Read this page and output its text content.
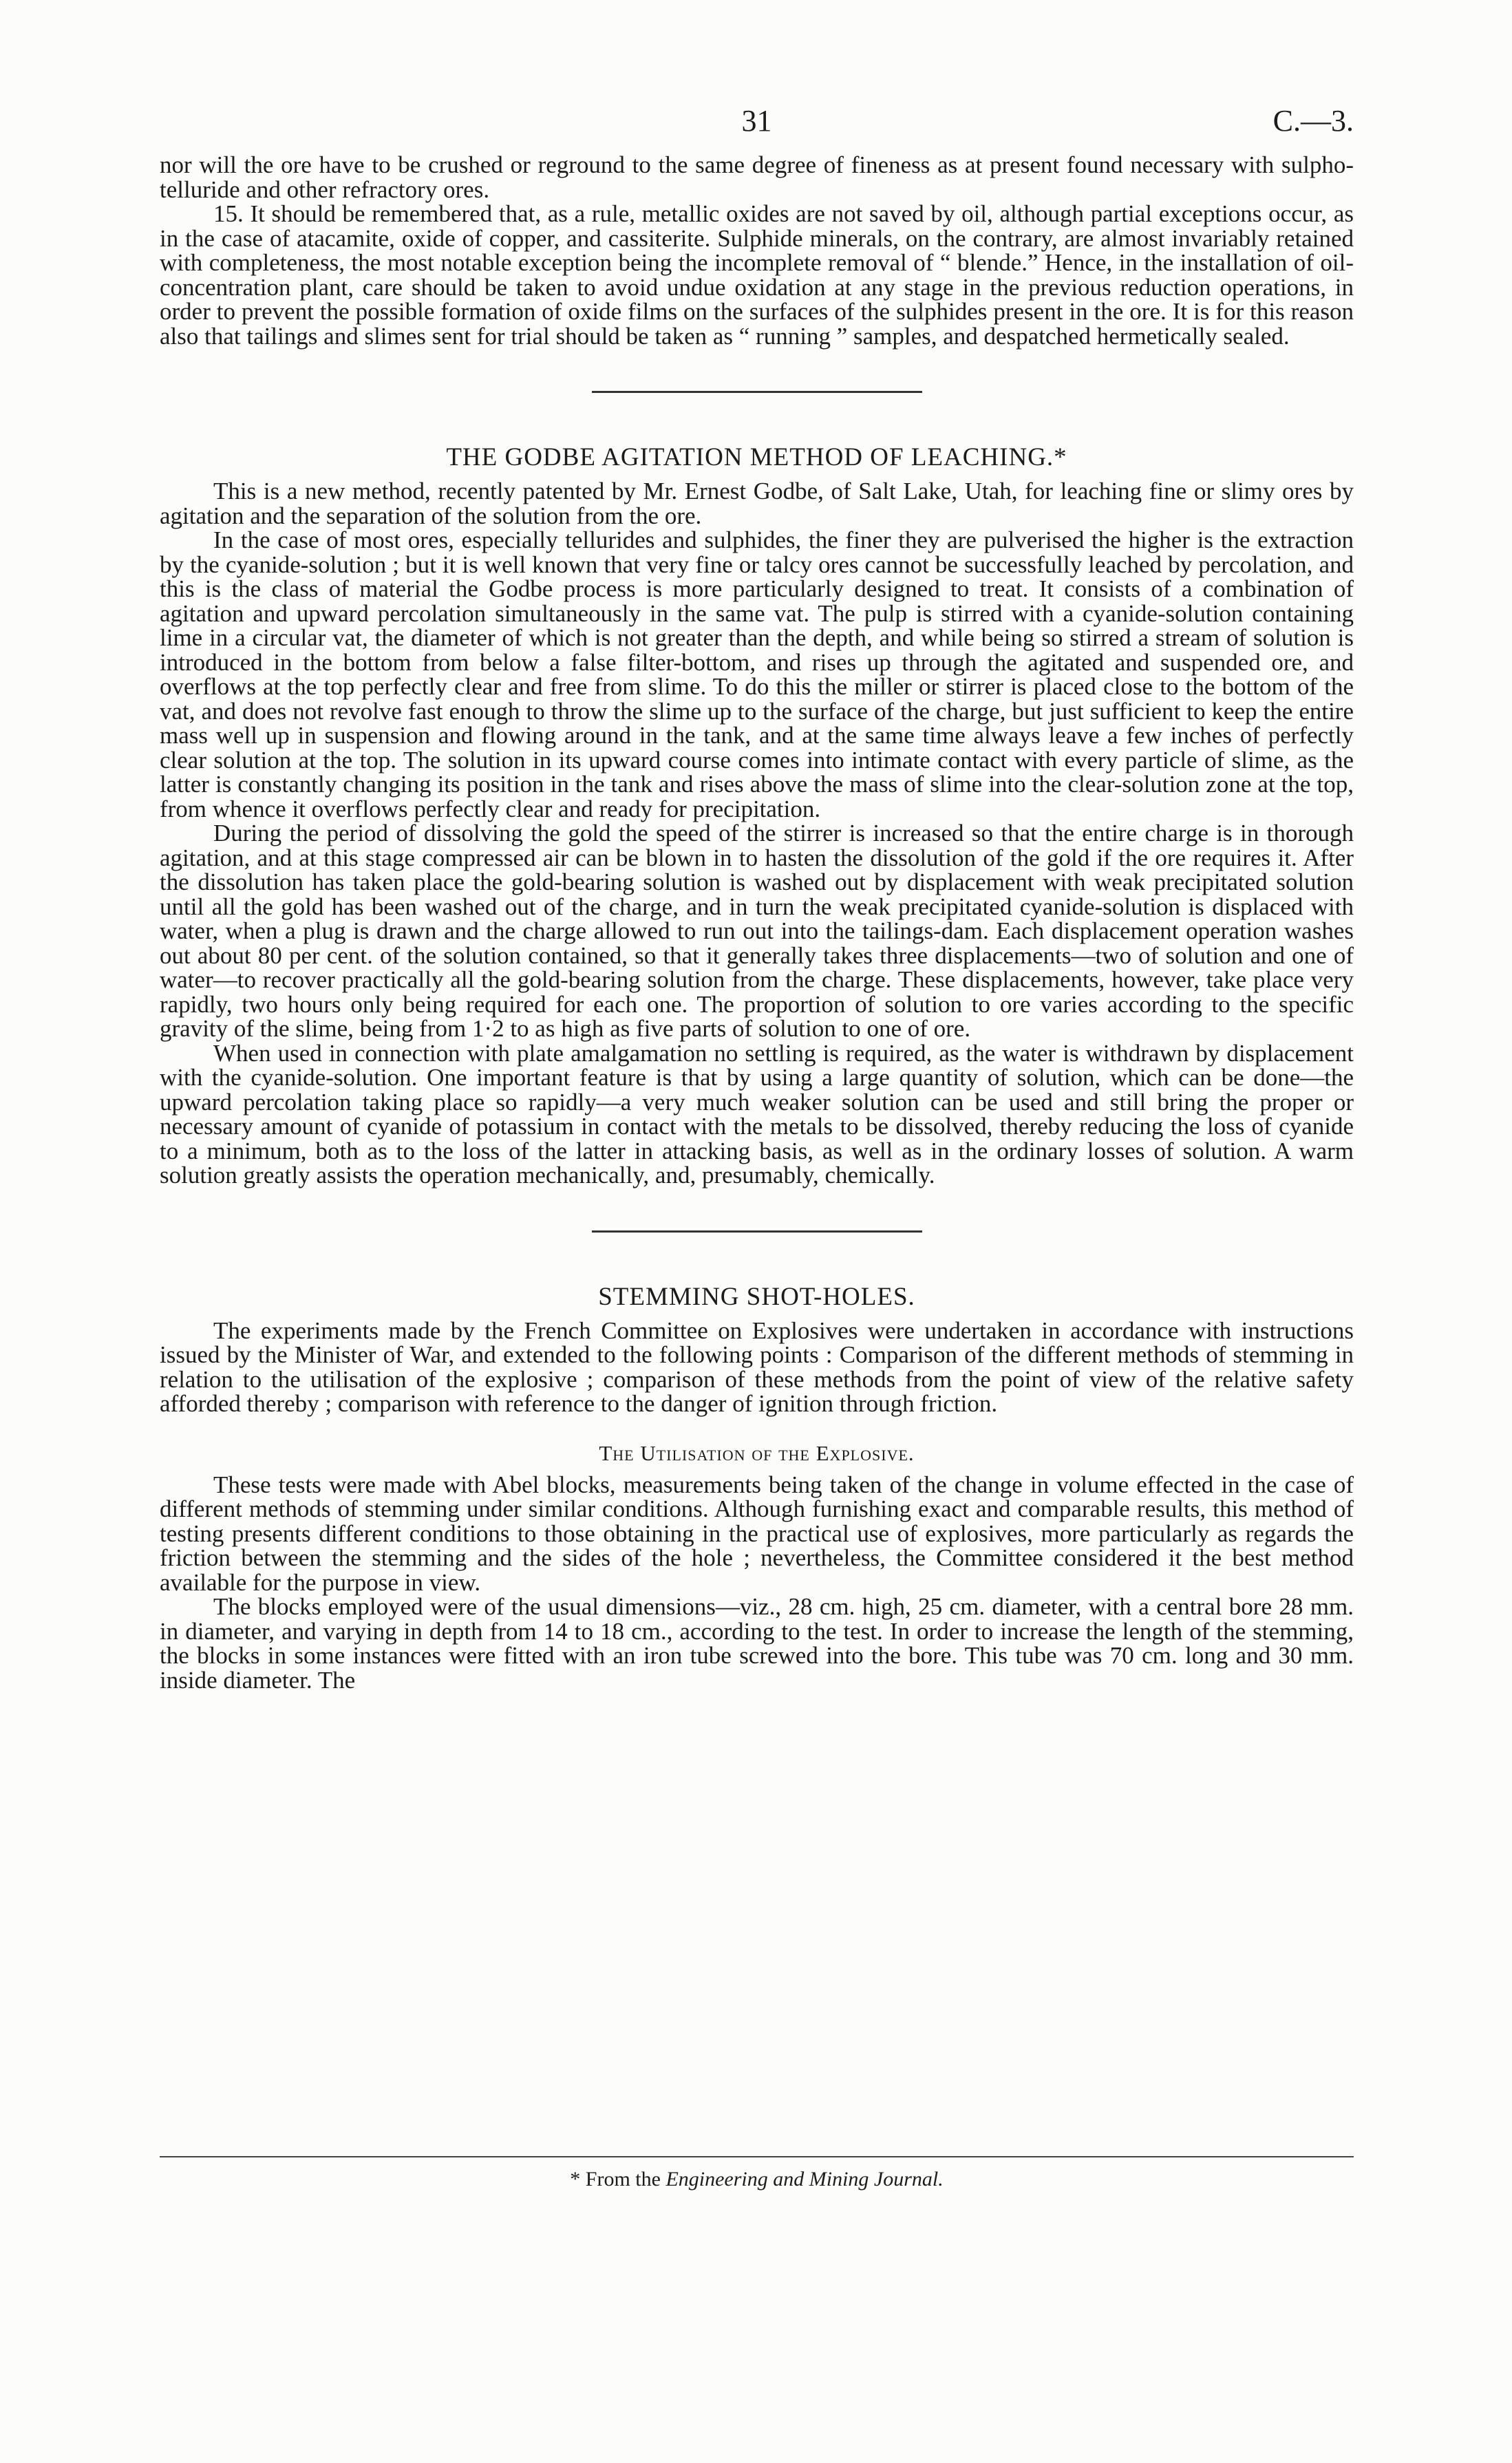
31	C.—3.

nor will the ore have to be crushed or reground to the same degree of fineness as at present found necessary with sulpho-telluride and other refractory ores.

15. It should be remembered that, as a rule, metallic oxides are not saved by oil, although partial exceptions occur, as in the case of atacamite, oxide of copper, and cassiterite. Sulphide minerals, on the contrary, are almost invariably retained with completeness, the most notable exception being the incomplete removal of “ blende.” Hence, in the installation of oil-concentration plant, care should be taken to avoid undue oxidation at any stage in the previous reduction operations, in order to prevent the possible formation of oxide films on the surfaces of the sulphides present in the ore. It is for this reason also that tailings and slimes sent for trial should be taken as “ running ” samples, and despatched hermetically sealed.

THE GODBE AGITATION METHOD OF LEACHING.*

This is a new method, recently patented by Mr. Ernest Godbe, of Salt Lake, Utah, for leaching fine or slimy ores by agitation and the separation of the solution from the ore.

In the case of most ores, especially tellurides and sulphides, the finer they are pulverised the higher is the extraction by the cyanide-solution ; but it is well known that very fine or talcy ores cannot be successfully leached by percolation, and this is the class of material the Godbe process is more particularly designed to treat. It consists of a combination of agitation and upward percolation simultaneously in the same vat. The pulp is stirred with a cyanide-solution containing lime in a circular vat, the diameter of which is not greater than the depth, and while being so stirred a stream of solution is introduced in the bottom from below a false filter-bottom, and rises up through the agitated and suspended ore, and overflows at the top perfectly clear and free from slime. To do this the miller or stirrer is placed close to the bottom of the vat, and does not revolve fast enough to throw the slime up to the surface of the charge, but just sufficient to keep the entire mass well up in suspension and flowing around in the tank, and at the same time always leave a few inches of perfectly clear solution at the top. The solution in its upward course comes into intimate contact with every particle of slime, as the latter is constantly changing its position in the tank and rises above the mass of slime into the clear-solution zone at the top, from whence it overflows perfectly clear and ready for precipitation.

During the period of dissolving the gold the speed of the stirrer is increased so that the entire charge is in thorough agitation, and at this stage compressed air can be blown in to hasten the dissolution of the gold if the ore requires it. After the dissolution has taken place the gold-bearing solution is washed out by displacement with weak precipitated solution until all the gold has been washed out of the charge, and in turn the weak precipitated cyanide-solution is displaced with water, when a plug is drawn and the charge allowed to run out into the tailings-dam. Each displacement operation washes out about 80 per cent. of the solution contained, so that it generally takes three displacements—two of solution and one of water—to recover practically all the gold-bearing solution from the charge. These displacements, however, take place very rapidly, two hours only being required for each one. The proportion of solution to ore varies according to the specific gravity of the slime, being from 1·2 to as high as five parts of solution to one of ore.

When used in connection with plate amalgamation no settling is required, as the water is withdrawn by displacement with the cyanide-solution. One important feature is that by using a large quantity of solution, which can be done—the upward percolation taking place so rapidly—a very much weaker solution can be used and still bring the proper or necessary amount of cyanide of potassium in contact with the metals to be dissolved, thereby reducing the loss of cyanide to a minimum, both as to the loss of the latter in attacking basis, as well as in the ordinary losses of solution. A warm solution greatly assists the operation mechanically, and, presumably, chemically.

STEMMING SHOT-HOLES.

The experiments made by the French Committee on Explosives were undertaken in accordance with instructions issued by the Minister of War, and extended to the following points : Comparison of the different methods of stemming in relation to the utilisation of the explosive ; comparison of these methods from the point of view of the relative safety afforded thereby ; comparison with reference to the danger of ignition through friction.

The Utilisation of the Explosive.

These tests were made with Abel blocks, measurements being taken of the change in volume effected in the case of different methods of stemming under similar conditions. Although furnishing exact and comparable results, this method of testing presents different conditions to those obtaining in the practical use of explosives, more particularly as regards the friction between the stemming and the sides of the hole ; nevertheless, the Committee considered it the best method available for the purpose in view.

The blocks employed were of the usual dimensions—viz., 28 cm. high, 25 cm. diameter, with a central bore 28 mm. in diameter, and varying in depth from 14 to 18 cm., according to the test. In order to increase the length of the stemming, the blocks in some instances were fitted with an iron tube screwed into the bore. This tube was 70 cm. long and 30 mm. inside diameter. The

* From the Engineering and Mining Journal.
